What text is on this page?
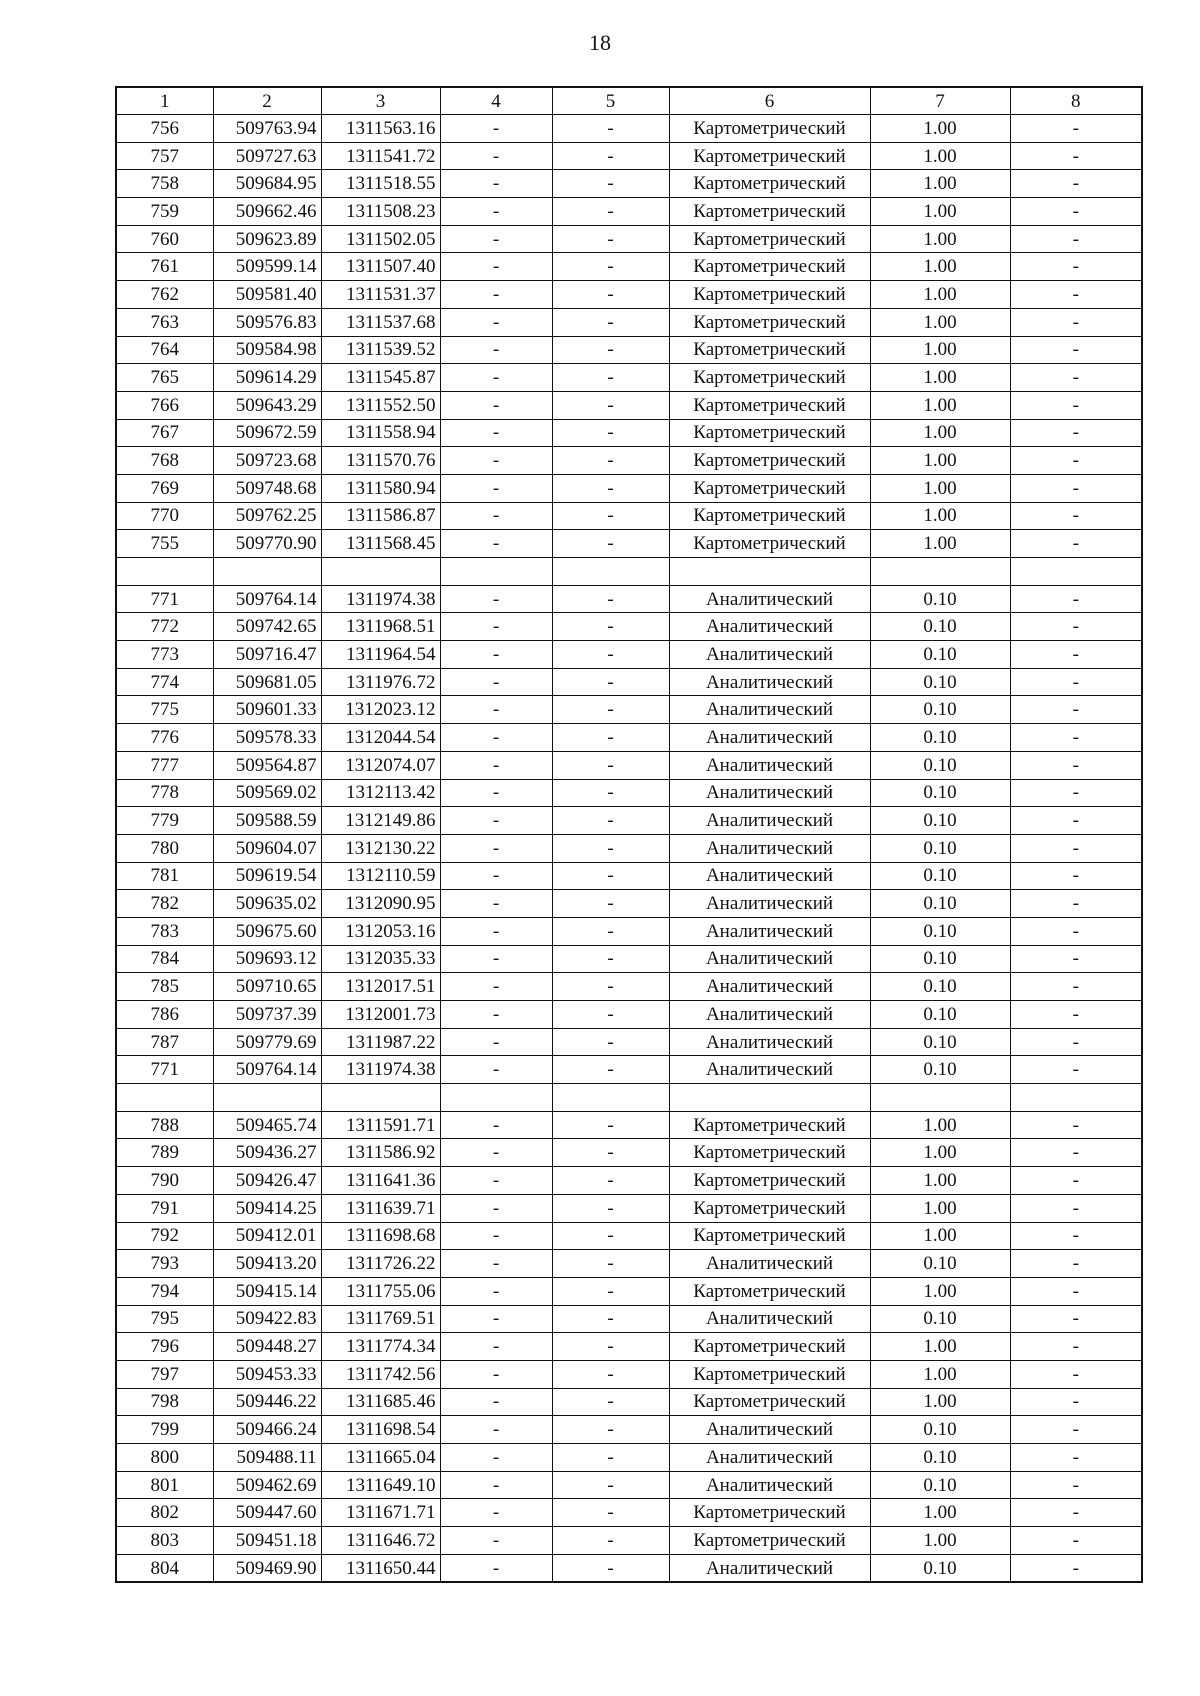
18
1	2	3	4	5	6	7	8
756	509763.94	1311563.16	-	-	Картометрический	1.00	-
757	509727.63	1311541.72	-	-	Картометрический	1.00	-
758	509684.95	1311518.55	-	-	Картометрический	1.00	-
759	509662.46	1311508.23	-	-	Картометрический	1.00	-
760	509623.89	1311502.05	-	-	Картометрический	1.00	-
761	509599.14	1311507.40	-	-	Картометрический	1.00	-
762	509581.40	1311531.37	-	-	Картометрический	1.00	-
763	509576.83	1311537.68	-	-	Картометрический	1.00	-
764	509584.98	1311539.52	-	-	Картометрический	1.00	-
765	509614.29	1311545.87	-	-	Картометрический	1.00	-
766	509643.29	1311552.50	-	-	Картометрический	1.00	-
767	509672.59	1311558.94	-	-	Картометрический	1.00	-
768	509723.68	1311570.76	-	-	Картометрический	1.00	-
769	509748.68	1311580.94	-	-	Картометрический	1.00	-
770	509762.25	1311586.87	-	-	Картометрический	1.00	-
755	509770.90	1311568.45	-	-	Картометрический	1.00	-

771	509764.14	1311974.38	-	-	Аналитический	0.10	-
772	509742.65	1311968.51	-	-	Аналитический	0.10	-
773	509716.47	1311964.54	-	-	Аналитический	0.10	-
774	509681.05	1311976.72	-	-	Аналитический	0.10	-
775	509601.33	1312023.12	-	-	Аналитический	0.10	-
776	509578.33	1312044.54	-	-	Аналитический	0.10	-
777	509564.87	1312074.07	-	-	Аналитический	0.10	-
778	509569.02	1312113.42	-	-	Аналитический	0.10	-
779	509588.59	1312149.86	-	-	Аналитический	0.10	-
780	509604.07	1312130.22	-	-	Аналитический	0.10	-
781	509619.54	1312110.59	-	-	Аналитический	0.10	-
782	509635.02	1312090.95	-	-	Аналитический	0.10	-
783	509675.60	1312053.16	-	-	Аналитический	0.10	-
784	509693.12	1312035.33	-	-	Аналитический	0.10	-
785	509710.65	1312017.51	-	-	Аналитический	0.10	-
786	509737.39	1312001.73	-	-	Аналитический	0.10	-
787	509779.69	1311987.22	-	-	Аналитический	0.10	-
771	509764.14	1311974.38	-	-	Аналитический	0.10	-

788	509465.74	1311591.71	-	-	Картометрический	1.00	-
789	509436.27	1311586.92	-	-	Картометрический	1.00	-
790	509426.47	1311641.36	-	-	Картометрический	1.00	-
791	509414.25	1311639.71	-	-	Картометрический	1.00	-
792	509412.01	1311698.68	-	-	Картометрический	1.00	-
793	509413.20	1311726.22	-	-	Аналитический	0.10	-
794	509415.14	1311755.06	-	-	Картометрический	1.00	-
795	509422.83	1311769.51	-	-	Аналитический	0.10	-
796	509448.27	1311774.34	-	-	Картометрический	1.00	-
797	509453.33	1311742.56	-	-	Картометрический	1.00	-
798	509446.22	1311685.46	-	-	Картометрический	1.00	-
799	509466.24	1311698.54	-	-	Аналитический	0.10	-
800	509488.11	1311665.04	-	-	Аналитический	0.10	-
801	509462.69	1311649.10	-	-	Аналитический	0.10	-
802	509447.60	1311671.71	-	-	Картометрический	1.00	-
803	509451.18	1311646.72	-	-	Картометрический	1.00	-
804	509469.90	1311650.44	-	-	Аналитический	0.10	-
